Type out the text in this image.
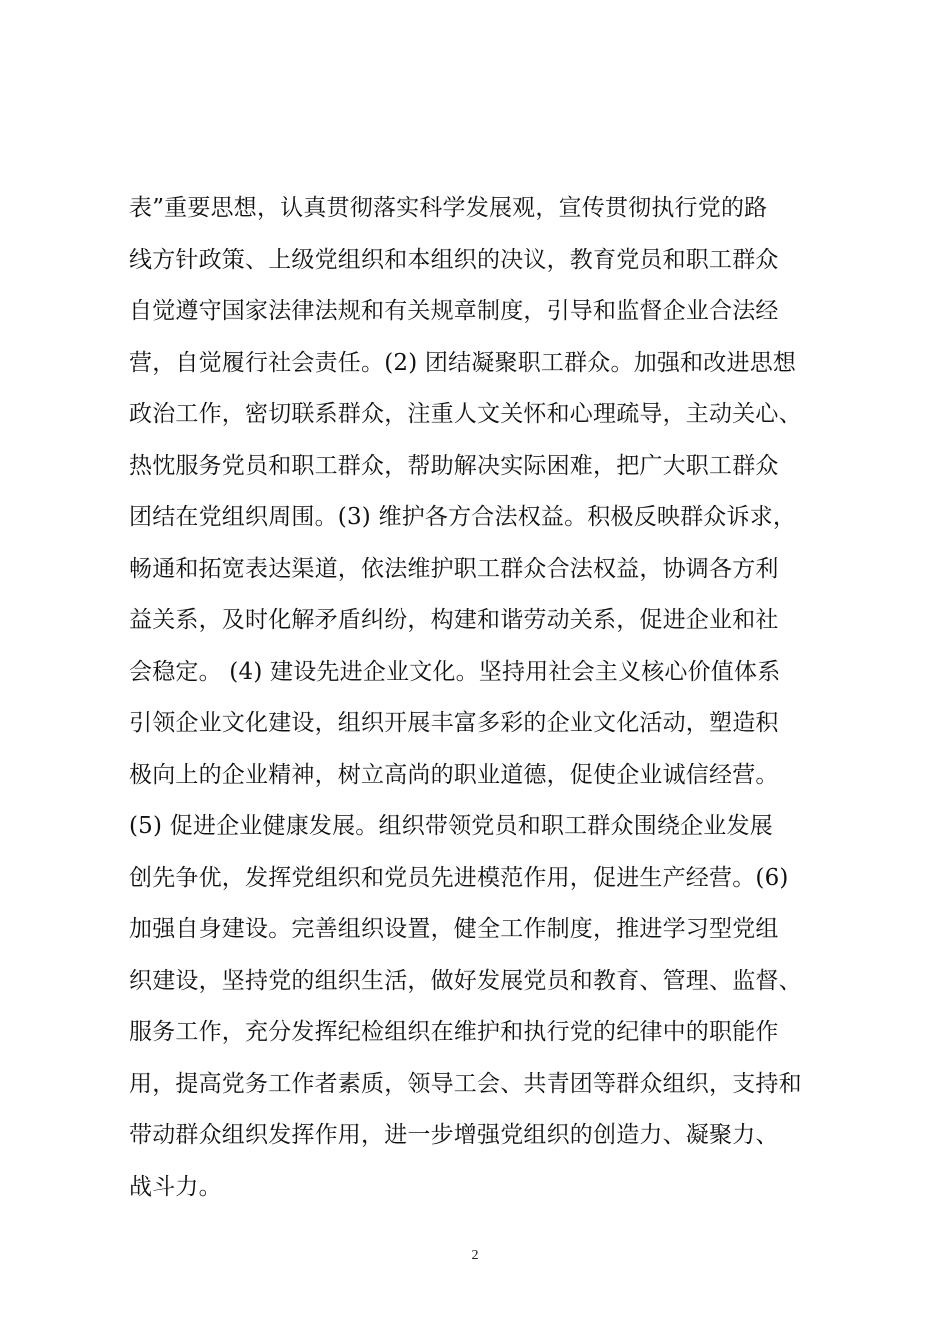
表”重要思想，认真贯彻落实科学发展观，宣传贯彻执行党的路

线方针政策、上级党组织和本组织的决议，教育党员和职工群众

自觉遵守国家法律法规和有关规章制度，引导和监督企业合法经

营，自觉履行社会责任。(2) 团结凝聚职工群众。加强和改进思想

政治工作，密切联系群众，注重人文关怀和心理疏导，主动关心、

热忱服务党员和职工群众，帮助解决实际困难，把广大职工群众

团结在党组织周围。(3) 维护各方合法权益。积极反映群众诉求，

畅通和拓宽表达渠道，依法维护职工群众合法权益，协调各方利

益关系，及时化解矛盾纠纷，构建和谐劳动关系，促进企业和社

会稳定。 (4) 建设先进企业文化。坚持用社会主义核心价值体系

引领企业文化建设，组织开展丰富多彩的企业文化活动，塑造积

极向上的企业精神，树立高尚的职业道德，促使企业诚信经营。

(5) 促进企业健康发展。组织带领党员和职工群众围绕企业发展

创先争优，发挥党组织和党员先进模范作用，促进生产经营。(6)

加强自身建设。完善组织设置，健全工作制度，推进学习型党组

织建设，坚持党的组织生活，做好发展党员和教育、管理、监督、

服务工作，充分发挥纪检组织在维护和执行党的纪律中的职能作

用，提高党务工作者素质，领导工会、共青团等群众组织，支持和

带动群众组织发挥作用，进一步增强党组织的创造力、凝聚力、

战斗力。

2
